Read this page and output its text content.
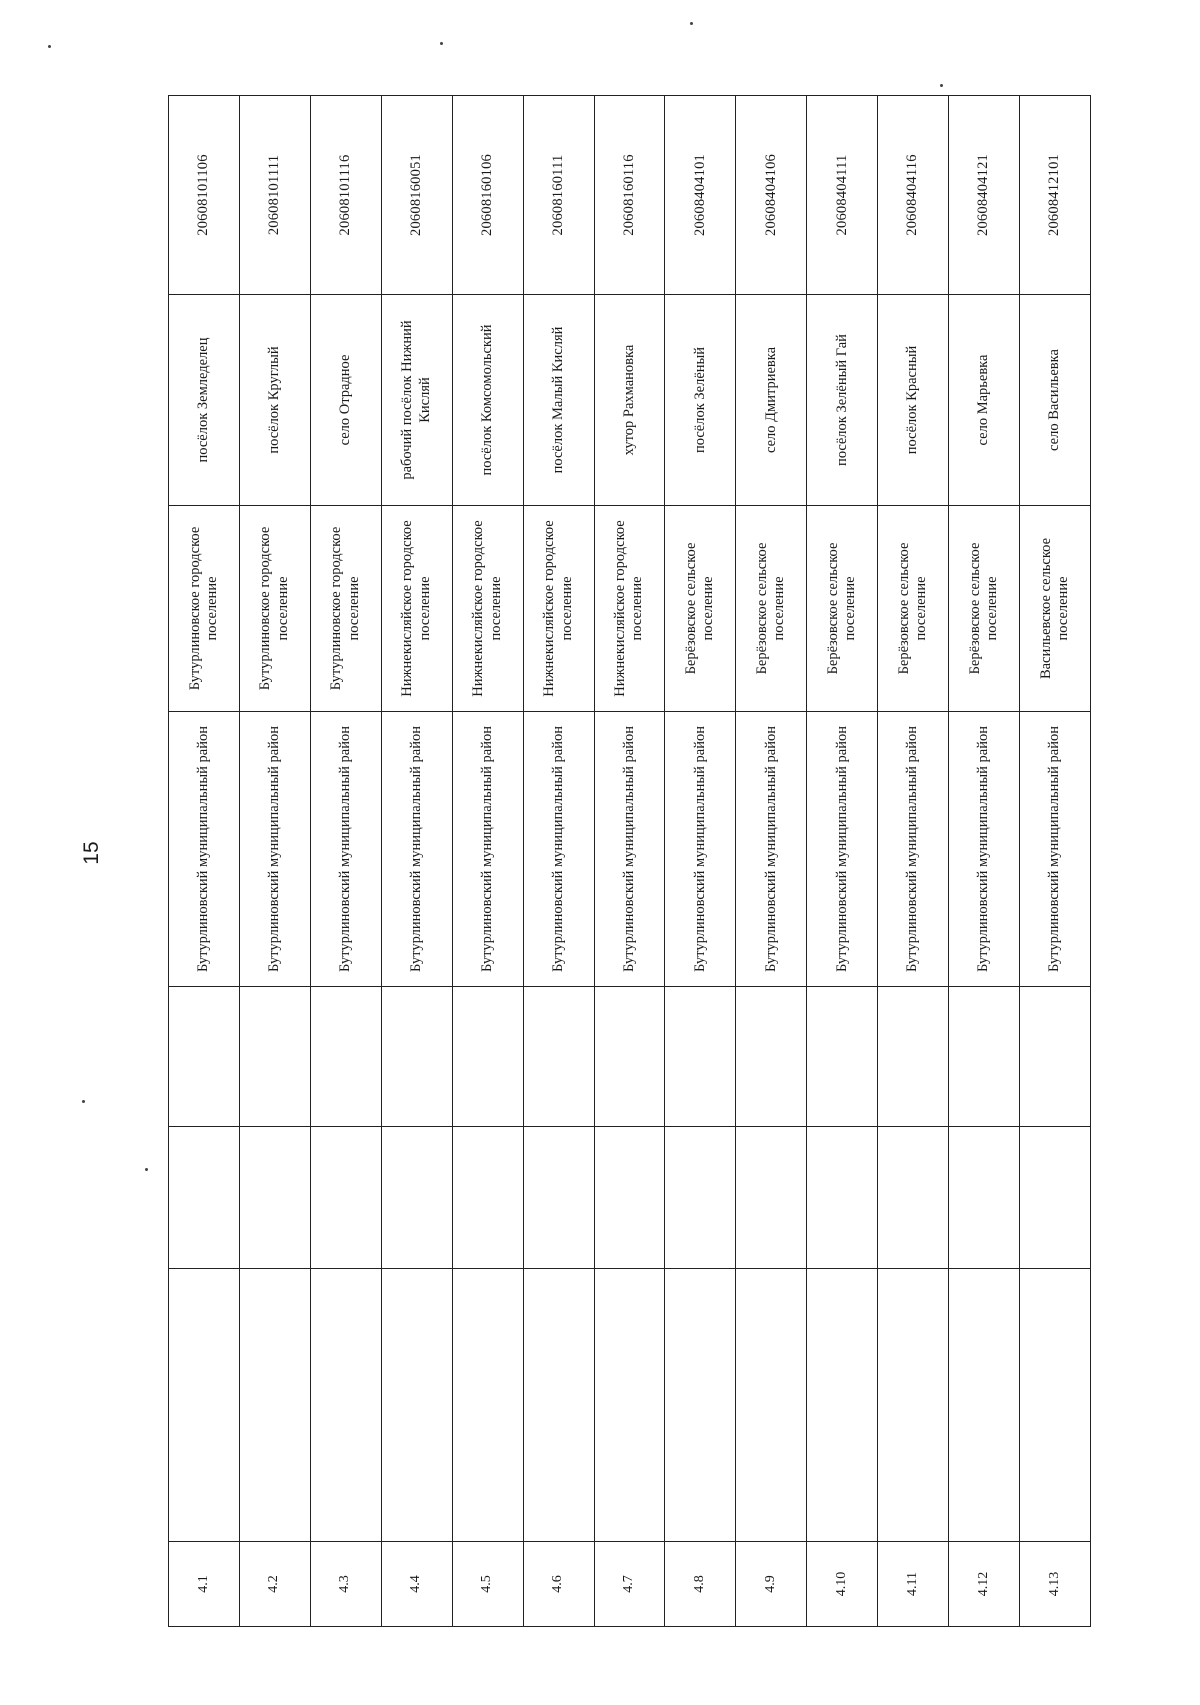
15
4.1				Бутурлиновский муниципальный район	Бутурлиновское городское поселение	посёлок Земледелец	20608101106
4.2				Бутурлиновский муниципальный район	Бутурлиновское городское поселение	посёлок Круглый	20608101111
4.3				Бутурлиновский муниципальный район	Бутурлиновское городское поселение	село Отрадное	20608101116
4.4				Бутурлиновский муниципальный район	Нижнекисляйское городское поселение	рабочий посёлок Нижний Кисляй	20608160051
4.5				Бутурлиновский муниципальный район	Нижнекисляйское городское поселение	посёлок Комсомольский	20608160106
4.6				Бутурлиновский муниципальный район	Нижнекисляйское городское поселение	посёлок Малый Кисляй	20608160111
4.7				Бутурлиновский муниципальный район	Нижнекисляйское городское поселение	хутор Рахмановка	20608160116
4.8				Бутурлиновский муниципальный район	Берёзовское сельское поселение	посёлок Зелёный	20608404101
4.9				Бутурлиновский муниципальный район	Берёзовское сельское поселение	село Дмитриевка	20608404106
4.10				Бутурлиновский муниципальный район	Берёзовское сельское поселение	посёлок Зелёный Гай	20608404111
4.11				Бутурлиновский муниципальный район	Берёзовское сельское поселение	посёлок Красный	20608404116
4.12				Бутурлиновский муниципальный район	Берёзовское сельское поселение	село Марьевка	20608404121
4.13				Бутурлиновский муниципальный район	Васильевское сельское поселение	село Васильевка	20608412101
